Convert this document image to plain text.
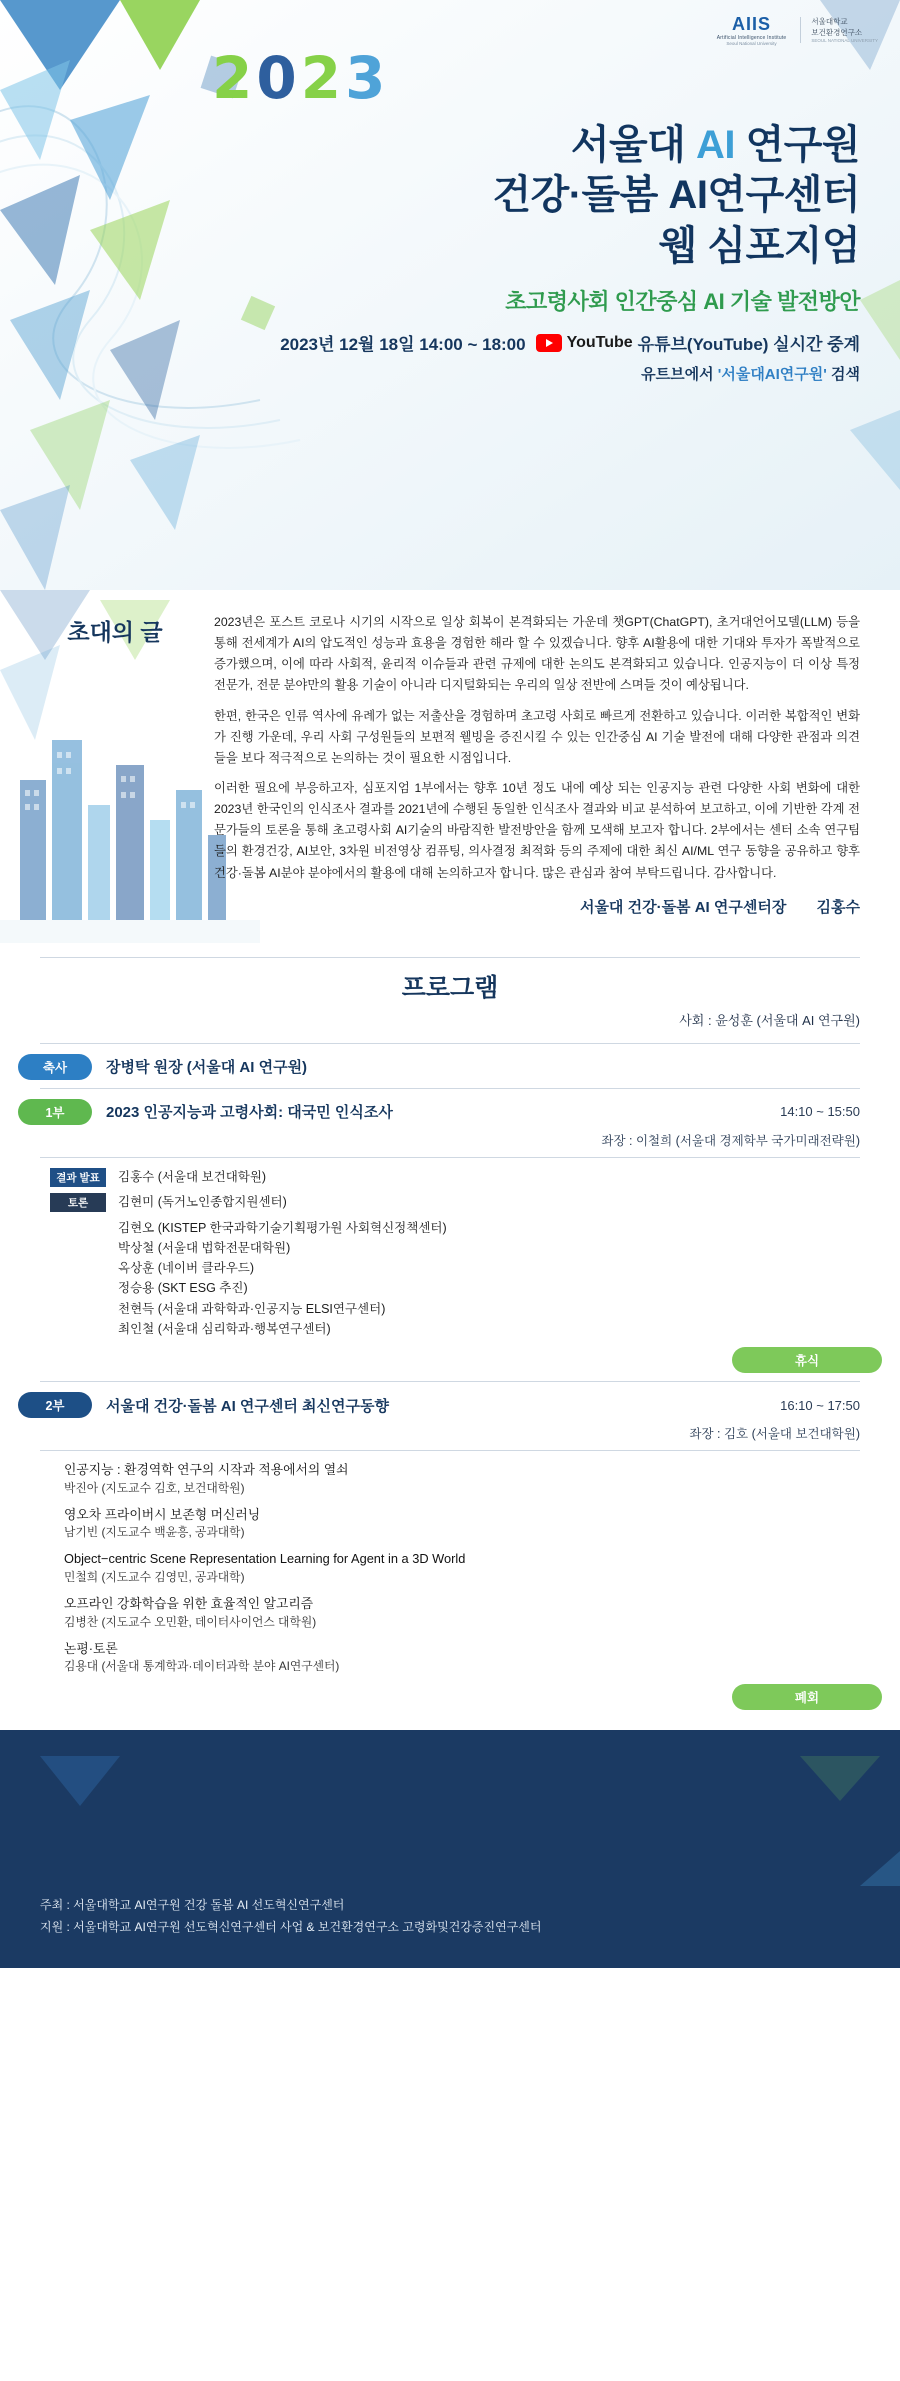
AIIS
Artificial Intelligence Institute
Seoul National University
서울대학교
보건환경연구소
SEOUL NATIONAL UNIVERSITY
2023
서울대 AI 연구원
건강·돌봄 AI연구센터
웹 심포지엄
초고령사회 인간중심 AI 기술 발전방안
2023년 12월 18일 14:00 ~ 18:00	YouTube 유튜브(YouTube) 실시간 중계
유트브에서 '서울대AI연구원' 검색
초대의 글	2023년은 포스트 코로나 시기의 시작으로 일상 회복이 본격화되는 가운데 챗GPT(ChatGPT), 초거대언어모델(LLM) 등을 통해 전세계가 AI의 압도적인 성능과 효용을 경험한 해라 할 수 있겠습니다. 향후 AI활용에 대한 기대와 투자가 폭발적으로 증가했으며, 이에 따라 사회적, 윤리적 이슈들과 관련 규제에 대한 논의도 본격화되고 있습니다. 인공지능이 더 이상 특정 전문가, 전문 분야만의 활용 기술이 아니라 디지털화되는 우리의 일상 전반에 스며들 것이 예상됩니다.

한편, 한국은 인류 역사에 유례가 없는 저출산을 경험하며 초고령 사회로 빠르게 전환하고 있습니다. 이러한 복합적인 변화가 진행 가운데, 우리 사회 구성원들의 보편적 웰빙을 증진시킬 수 있는 인간중심 AI 기술 발전에 대해 다양한 관점과 의견들을 보다 적극적으로 논의하는 것이 필요한 시점입니다.

이러한 필요에 부응하고자, 심포지엄 1부에서는 향후 10년 정도 내에 예상 되는 인공지능 관련 다양한 사회 변화에 대한 2023년 한국인의 인식조사 결과를 2021년에 수행된 동일한 인식조사 결과와 비교 분석하여 보고하고, 이에 기반한 각계 전문가들의 토론을 통해 초고령사회 AI기술의 바람직한 발전방안을 함께 모색해 보고자 합니다. 2부에서는 센터 소속 연구팀들의 환경건강, AI보안, 3차원 비전영상 컴퓨팅, 의사결정 최적화 등의 주제에 대한 최신 AI/ML 연구 동향을 공유하고 향후 건강·돌봄 AI분야 분야에서의 활용에 대해 논의하고자 합니다. 많은 관심과 참여 부탁드립니다. 감사합니다.

서울대 건강·돌봄 AI 연구센터장 김홍수
프로그램
사회 : 윤성훈 (서울대 AI 연구원)
축사	장병탁 원장 (서울대 AI 연구원)
1부	2023 인공지능과 고령사회: 대국민 인식조사	14:10 ~ 15:50
좌장 : 이철희 (서울대 경제학부 국가미래전략원)
결과 발표	김홍수 (서울대 보건대학원)
토론	김현미 (독거노인종합지원센터)
김현오 (KISTEP 한국과학기술기획평가원 사회혁신정책센터)
박상철 (서울대 법학전문대학원)
옥상훈 (네이버 클라우드)
정승용 (SKT ESG 추진)
천현득 (서울대 과학학과·인공지능 ELSI연구센터)
최인철 (서울대 심리학과·행복연구센터)
휴식
2부	서울대 건강·돌봄 AI 연구센터 최신연구동향	16:10 ~ 17:50
좌장 : 김호 (서울대 보건대학원)
인공지능 : 환경역학 연구의 시작과 적용에서의 열쇠
박진아 (지도교수 김호, 보건대학원)
영오차 프라이버시 보존형 머신러닝
남기빈 (지도교수 백윤흥, 공과대학)
Object−centric Scene Representation Learning for Agent in a 3D World
민철희 (지도교수 김영민, 공과대학)
오프라인 강화학습을 위한 효율적인 알고리즘
김병찬 (지도교수 오민환, 데이터사이언스 대학원)
논평·토론
김용대 (서울대 통계학과·데이터과학 분야 AI연구센터)
폐회
주최 : 서울대학교 AI연구원 건강 돌봄 AI 선도혁신연구센터
지원 : 서울대학교 AI연구원 선도혁신연구센터 사업 & 보건환경연구소 고령화및건강증진연구센터
